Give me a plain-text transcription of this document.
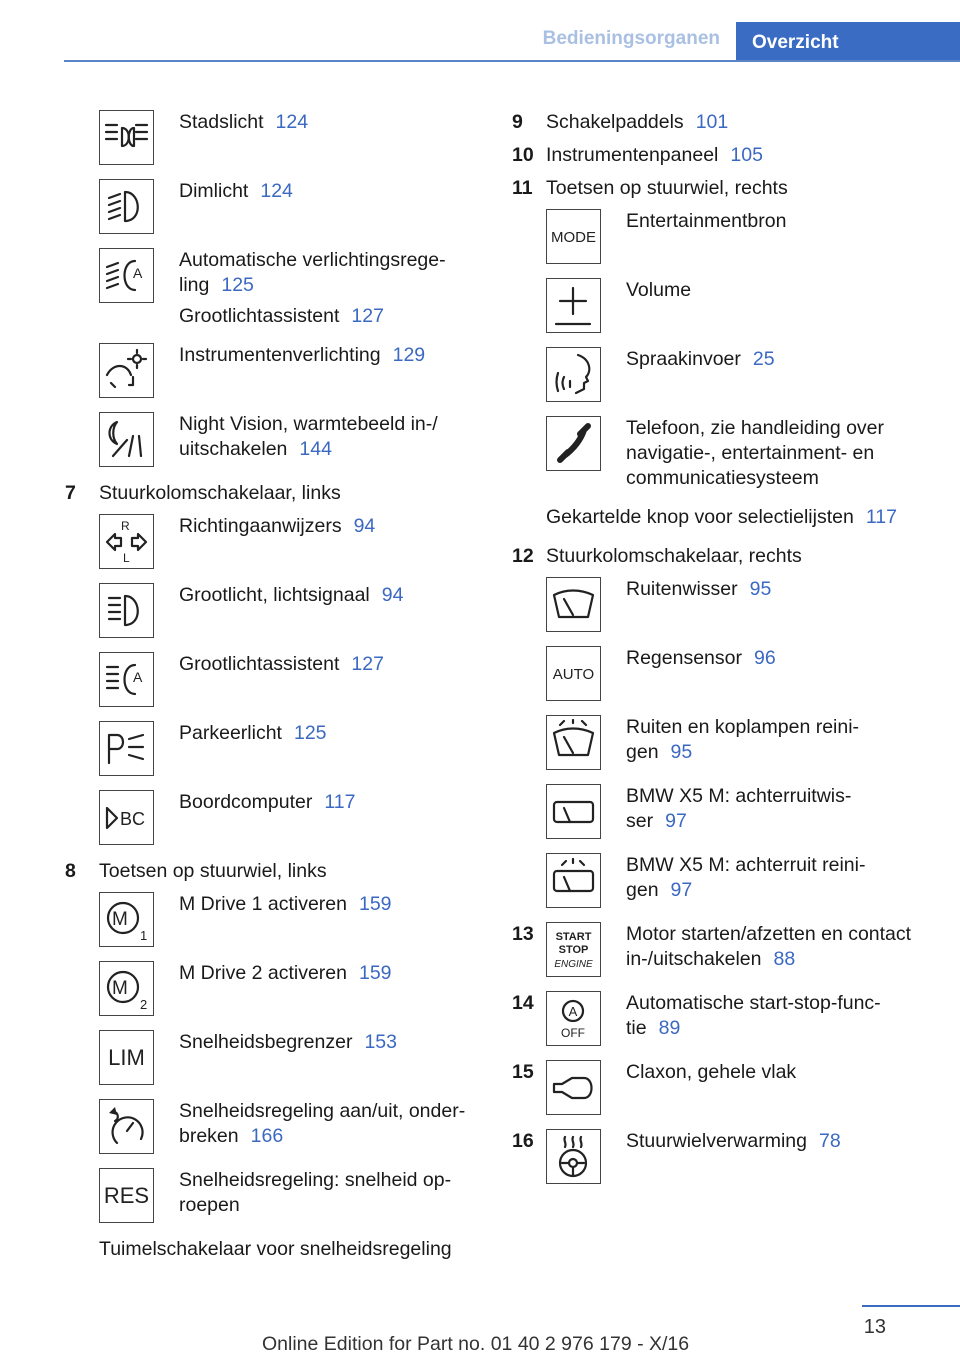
Bedieningsorganen	Overzicht
Stadslicht 124
Dimlicht 124
A
Automatische verlichtingsrege-
ling 125
Grootlichtassistent 127
Instrumentenverlichting 129
Night Vision, warmtebeeld in-/
uitschakelen 144
7	Stuurkolomschakelaar, links
R
L
Richtingaanwijzers 94
Grootlicht, lichtsignaal 94
A
Grootlichtassistent 127
Parkeerlicht 125
BC
Boordcomputer 117
8	Toetsen op stuurwiel, links
M
1
M Drive 1 activeren 159
M
2
M Drive 2 activeren 159
LIM
Snelheidsbegrenzer 153
Snelheidsregeling aan/uit, onder-
breken 166
RES
Snelheidsregeling: snelheid op-
roepen
Tuimelschakelaar voor snelheidsregeling
9	Schakelpaddels 101
10 Instrumentenpaneel 105
11 Toetsen op stuurwiel, rechts
MODE
Entertainmentbron
Volume
Spraakinvoer 25
Telefoon, zie handleiding over
navigatie-, entertainment- en
communicatiesysteem
Gekartelde knop voor selectielijsten 117
12 Stuurkolomschakelaar, rechts
Ruitenwisser 95
AUTO
Regensensor 96
Ruiten en koplampen reini-
gen 95
BMW X5 M: achterruitwis-
ser 97
BMW X5 M: achterruit reini-
gen 97
13	START
STOP
ENGINE
Motor starten/afzetten en contact
in-/uitschakelen 88
14	A
OFF
Automatische start-stop-func-
tie 89
15	Claxon, gehele vlak
16	Stuurwielverwarming 78
13
Online Edition for Part no. 01 40 2 976 179 - X/16
